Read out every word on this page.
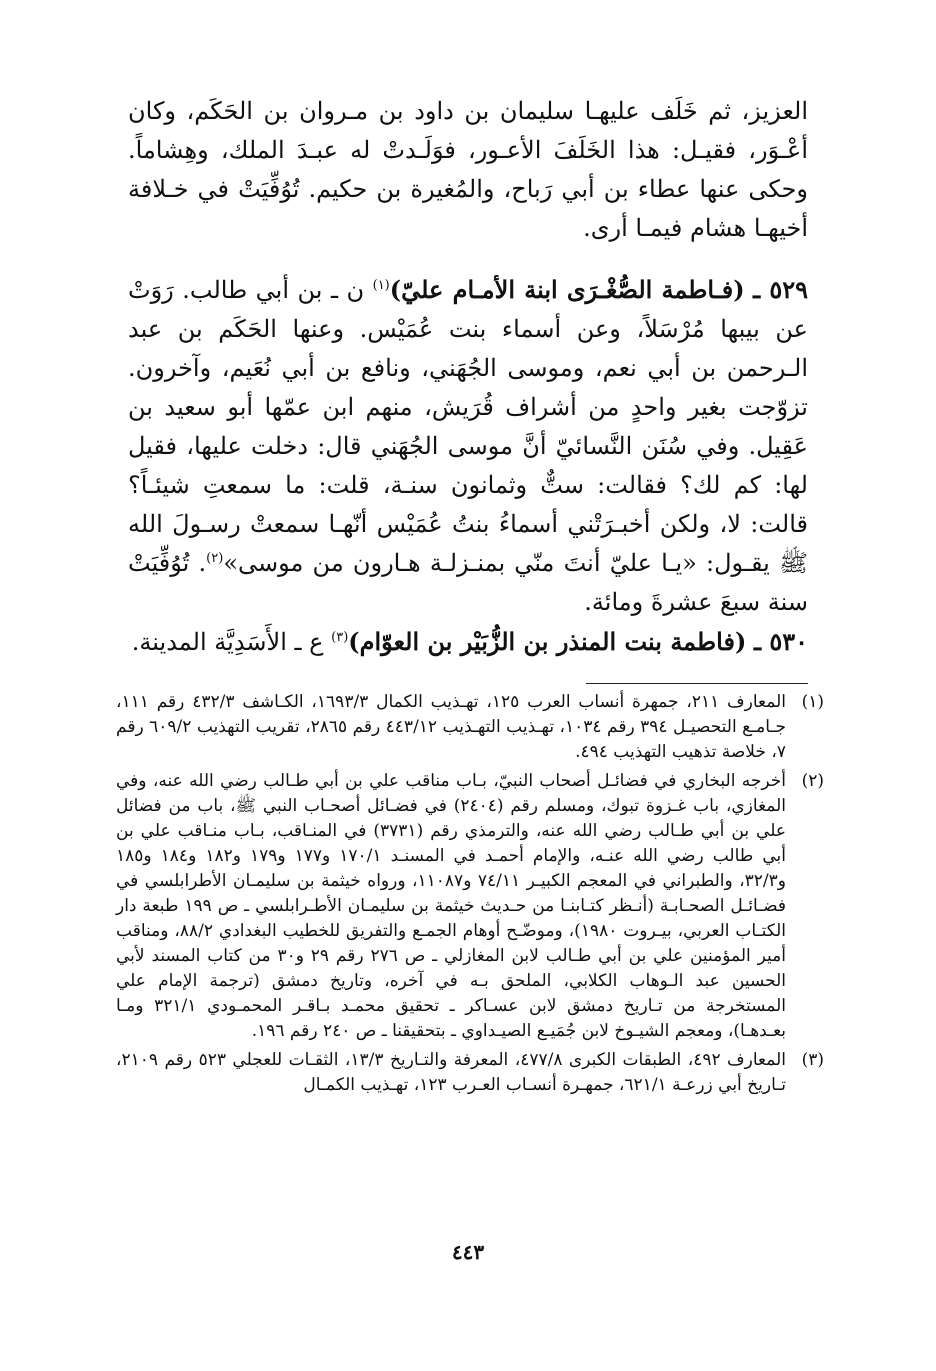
العزيز، ثم خَلَف عليهـا سليمان بن داود بن مـروان بن الحَكَم، وكان أعْـوَر، فقيـل: هذا الخَلَفَ الأعـور، فوَلَـدتْ له عبـدَ الملك، وهِشاماً. وحكى عنها عطاء بن أبي رَباح، والمُغيرة بن حكيم. تُوُفِّيَتْ في خـلافة أخيهـا هشام فيمـا أرى.

٥٢٩ ـ (فـاطمة الصُّغْـرَى ابنة الأمـام عليّ)$^{(١)}$ ن ـ بن أبي طالب. رَوَتْ عن بيبها مُرْسَلاً، وعن أسماء بنت عُمَيْس. وعنها الحَكَم بن عبد الـرحمن بن أبي نعم، وموسى الجُهَني، ونافع بن أبي نُعَيم، وآخرون. تزوّجت بغير واحدٍ من أشراف قُرَيش، منهم ابن عمّها أبو سعيد بن عَقِيل. وفي سُنَن النَّسائيّ أنَّ موسى الجُهَني قال: دخلت عليها، فقيل لها: كم لك؟ فقالت: ستٌّ وثمانون سنـة، قلت: ما سمعتِ شيئـاً؟ قالت: لا، ولكن أخبـرَتْني أسماءُ بنتُ عُمَيْس أنّهـا سمعتْ رسـولَ الله ﷺ يقـول: «يـا عليّ أنتَ منّي بمنـزلـة هـارون من موسى»$^{(٢)}$. تُوُفِّيَتْ سنة سبعَ عشرةَ ومائة.

٥٣٠ ـ (فاطمة بنت المنذر بن الزُّبَيْر بن العوّام)$^{(٣)}$ ع ـ الأَسَدِيَّة المدينة.

(١)
المعارف ٢١١، جمهرة أنساب العرب ١٢٥، تهـذيب الكمال ١٦٩٣/٣، الكـاشف ٤٣٢/٣ رقم ١١١، جـامـع التحصيـل ٣٩٤ رقم ١٠٣٤، تهـذيب التهـذيب ٤٤٣/١٢ رقم ٢٨٦٥، تقريب التهذيب ٦٠٩/٢ رقم ٧، خلاصة تذهيب التهذيب ٤٩٤.
(٢)
أخرجه البخاري في فضائـل أصحاب النبيّ، بـاب مناقب علي بن أبي طـالب رضي الله عنه، وفي المغازي، باب غـزوة تبوك، ومسلم رقم (٢٤٠٤) في فضـائل أصحـاب النبي ﷺ، باب من فضائل علي بن أبي طـالب رضي الله عنه، والترمذي رقم (٣٧٣١) في المنـاقب، بـاب منـاقب علي بن أبي طالب رضي الله عنـه، والإمام أحمـد في المسنـد ١٧٠/١ و١٧٧ و١٧٩ و١٨٢ و١٨٤ و١٨٥ و٣٢/٣، والطبراني في المعجم الكبيـر ٧٤/١١ و١١٠٨٧، ورواه خيثمة بن سليمـان الأطرابلسي في فضـائـل الصحـابـة (أنـظر كتـابنـا من حـديث خيثمة بن سليمـان الأطـرابلسي ـ ص ١٩٩ طبعة دار الكتـاب العربي، بيـروت ١٩٨٠)، وموضّـح أوهام الجمـع والتفريق للخطيب البغدادي ٨٨/٢، ومناقب أمير المؤمنين علي بن أبي طـالب لابن المغازلي ـ ص ٢٧٦ رقم ٢٩ و٣٠ من كتاب المسند لأبي الحسين عبد الـوهاب الكلابي، الملحق بـه في آخره، وتاريخ دمشق (ترجمة الإمام علي المستخرجة من تـاريخ دمشق لابن عسـاكر ـ تحقيق محمـد بـاقـر المحمـودي ٣٢١/١ ومـا بعـدهـا)، ومعجم الشيـوخ لابن جُمَيـع الصيـداوي ـ بتحقيقنا ـ ص ٢٤٠ رقم ١٩٦.
(٣)
المعارف ٤٩٢، الطبقات الكبرى ٤٧٧/٨، المعرفة والتـاريخ ١٣/٣، الثقـات للعجلي ٥٢٣ رقم ٢١٠٩، تـاريخ أبي زرعـة ٦٢١/١، جمهـرة أنسـاب العـرب ١٢٣، تهـذيب الكمـال
٤٤٣
